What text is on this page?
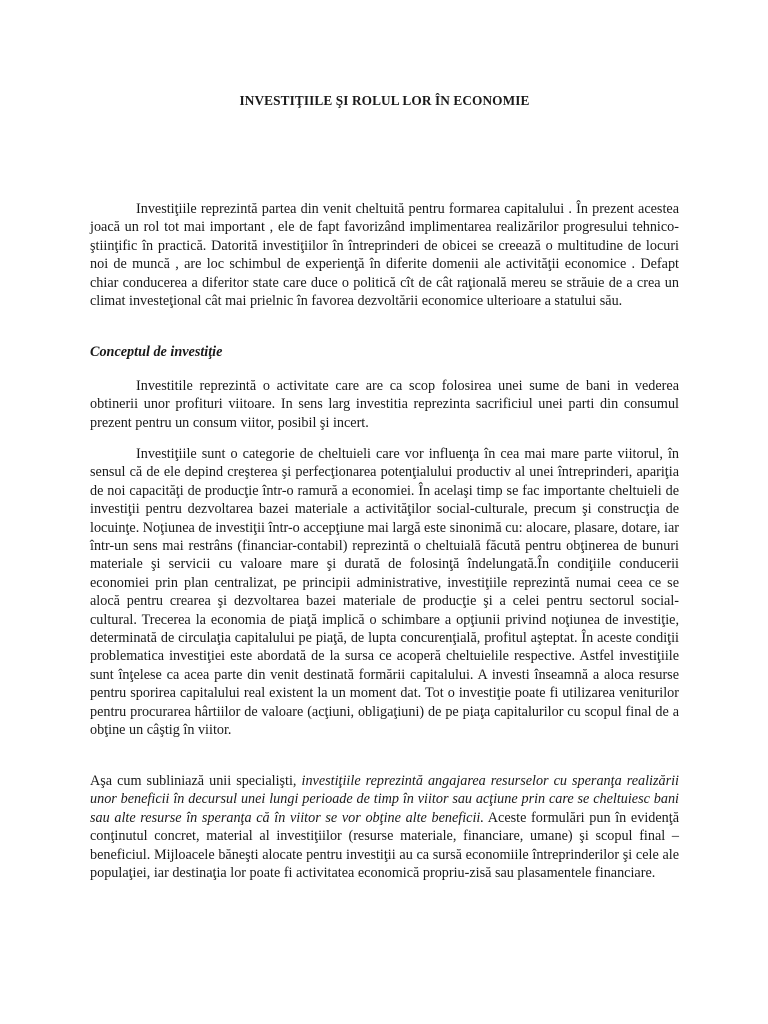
INVESTIŢIILE ŞI ROLUL LOR ÎN ECONOMIE

Investiţiile reprezintă partea din venit cheltuită pentru formarea capitalului . În prezent acestea joacă un rol tot mai important , ele de fapt favorizând implimentarea realizărilor progresului tehnico-ştiinţific în practică. Datorită investiţiilor în întreprinderi de obicei se creează o multitudine de locuri noi de muncă , are loc schimbul de experienţă în diferite domenii ale activităţii economice . Defapt chiar conducerea a diferitor state care duce o politică cît de cât raţională mereu se străuie de a crea un climat investeţional cât mai prielnic în favorea dezvoltării economice ulterioare a statului său.

Conceptul de investiţie

Investitile reprezintă o activitate care are ca scop folosirea unei sume de bani in vederea obtinerii unor profituri viitoare. In sens larg investitia reprezinta sacrificiul unei parti din consumul prezent pentru un consum viitor, posibil şi incert.

Investiţiile sunt o categorie de cheltuieli care vor influenţa în cea mai mare parte viitorul, în sensul că de ele depind creşterea şi perfecţionarea potenţialului productiv al unei întreprinderi, apariţia de noi capacităţi de producţie într-o ramură a economiei. În acelaşi timp se fac importante cheltuieli de investiţii pentru dezvoltarea bazei materiale a activităţilor social-culturale, precum şi construcţia de locuinţe. Noţiunea de investiţii într-o accepţiune mai largă este sinonimă cu: alocare, plasare, dotare, iar într-un sens mai restrâns (financiar-contabil) reprezintă o cheltuială făcută pentru obţinerea de bunuri materiale şi servicii cu valoare mare şi durată de folosinţă îndelungată.În condiţiile conducerii economiei prin plan centralizat, pe principii administrative, investiţiile reprezintă numai ceea ce se alocă pentru crearea şi dezvoltarea bazei materiale de producţie şi a celei pentru sectorul social-cultural. Trecerea la economia de piaţă implică o schimbare a opţiunii privind noţiunea de investiţie, determinată de circulaţia capitalului pe piaţă, de lupta concurenţială, profitul aşteptat. În aceste condiţii problematica investiţiei este abordată de la sursa ce acoperă cheltuielile respective. Astfel investiţiile sunt înţelese ca acea parte din venit destinată formării capitalului. A investi înseamnă a aloca resurse pentru sporirea capitalului real existent la un moment dat. Tot o investiţie poate fi utilizarea veniturilor pentru procurarea hârtiilor de valoare (acţiuni, obligaţiuni) de pe piaţa capitalurilor cu scopul final de a obţine un câştig în viitor.

Aşa cum subliniază unii specialişti, investiţiile reprezintă angajarea resurselor cu speranţa realizării unor beneficii în decursul unei lungi perioade de timp în viitor sau acţiune prin care se cheltuiesc bani sau alte resurse în speranţa că în viitor se vor obţine alte beneficii. Aceste formulări pun în evidenţă conţinutul concret, material al investiţiilor (resurse materiale, financiare, umane) şi scopul final – beneficiul. Mijloacele băneşti alocate pentru investiţii au ca sursă economiile întreprinderilor şi cele ale populaţiei, iar destinaţia lor poate fi activitatea economică propriu-zisă sau plasamentele financiare.
